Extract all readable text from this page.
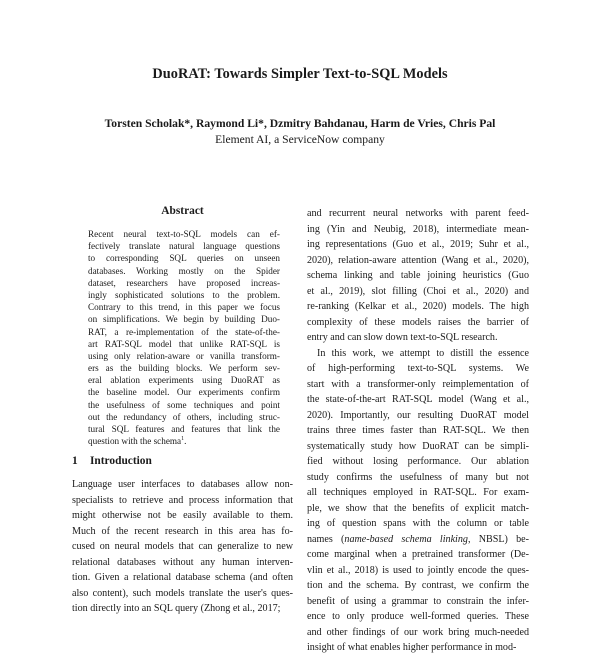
DuoRAT: Towards Simpler Text-to-SQL Models
Torsten Scholak*, Raymond Li*, Dzmitry Bahdanau, Harm de Vries, Chris Pal
Element AI, a ServiceNow company
Abstract
Recent neural text-to-SQL models can ef-
fectively translate natural language questions
to corresponding SQL queries on unseen
databases. Working mostly on the Spider
dataset, researchers have proposed increas-
ingly sophisticated solutions to the problem.
Contrary to this trend, in this paper we focus
on simplifications. We begin by building Duo-
RAT, a re-implementation of the state-of-the-
art RAT-SQL model that unlike RAT-SQL is
using only relation-aware or vanilla transform-
ers as the building blocks. We perform sev-
eral ablation experiments using DuoRAT as
the baseline model. Our experiments confirm
the usefulness of some techniques and point
out the redundancy of others, including struc-
tural SQL features and features that link the
question with the schema$^1$.
1 Introduction
Language user interfaces to databases allow non-
specialists to retrieve and process information that
might otherwise not be easily available to them.
Much of the recent research in this area has fo-
cused on neural models that can generalize to new
relational databases without any human interven-
tion. Given a relational database schema (and often
also content), such models translate the user's ques-
tion directly into an SQL query (Zhong et al., 2017;
and recurrent neural networks with parent feed-
ing (Yin and Neubig, 2018), intermediate mean-
ing representations (Guo et al., 2019; Suhr et al.,
2020), relation-aware attention (Wang et al., 2020),
schema linking and table joining heuristics (Guo
et al., 2019), slot filling (Choi et al., 2020) and
re-ranking (Kelkar et al., 2020) models. The high
complexity of these models raises the barrier of
entry and can slow down text-to-SQL research.
In this work, we attempt to distill the essence
of high-performing text-to-SQL systems. We
start with a transformer-only reimplementation of
the state-of-the-art RAT-SQL model (Wang et al.,
2020). Importantly, our resulting DuoRAT model
trains three times faster than RAT-SQL. We then
systematically study how DuoRAT can be simpli-
fied without losing performance. Our ablation
study confirms the usefulness of many but not
all techniques employed in RAT-SQL. For exam-
ple, we show that the benefits of explicit match-
ing of question spans with the column or table
names (name-based schema linking, NBSL) be-
come marginal when a pretrained transformer (De-
vlin et al., 2018) is used to jointly encode the ques-
tion and the schema. By contrast, we confirm the
benefit of using a grammar to constrain the infer-
ence to only produce well-formed queries. These
and other findings of our work bring much-needed
insight of what enables higher performance in mod-
